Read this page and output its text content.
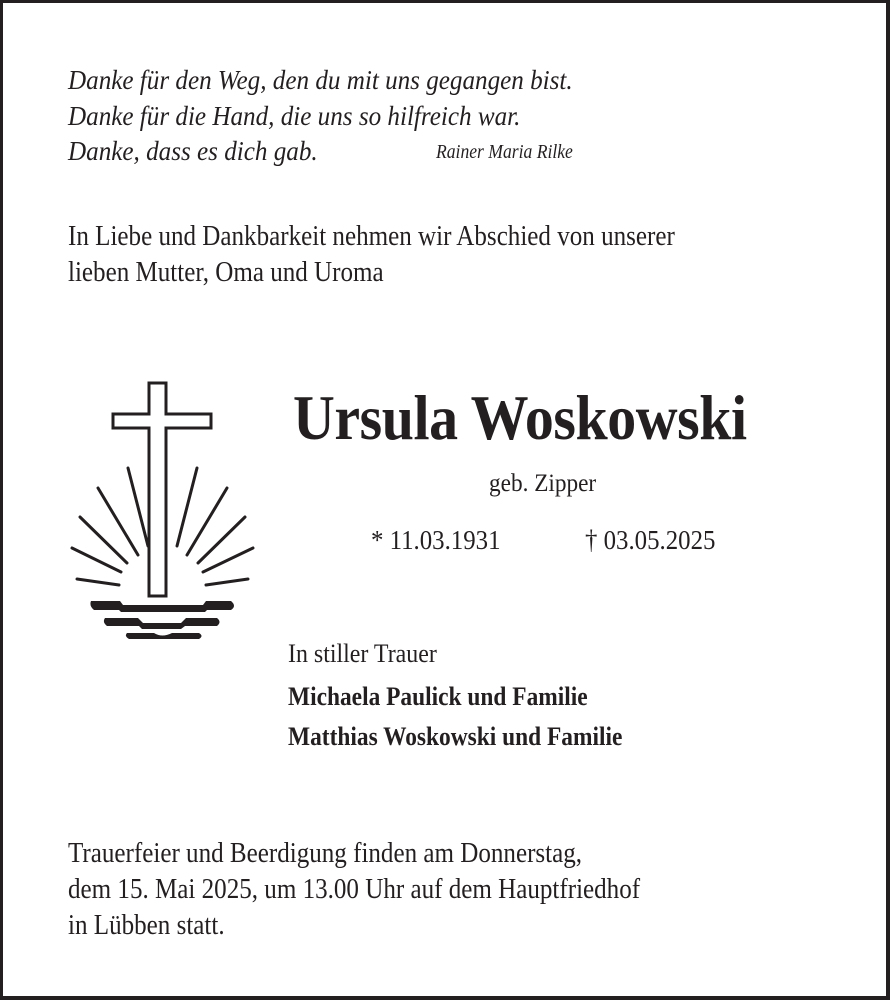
Danke für den Weg, den du mit uns gegangen bist.
Danke für die Hand, die uns so hilfreich war.
Danke, dass es dich gab.	Rainer Maria Rilke
In Liebe und Dankbarkeit nehmen wir Abschied von unserer
lieben Mutter, Oma und Uroma
Ursula Woskowski
geb. Zipper
* 11.03.1931	† 03.05.2025
In stiller Trauer
Michaela Paulick und Familie
Matthias Woskowski und Familie
Trauerfeier und Beerdigung finden am Donnerstag,
dem 15. Mai 2025, um 13.00 Uhr auf dem Hauptfriedhof
in Lübben statt.
